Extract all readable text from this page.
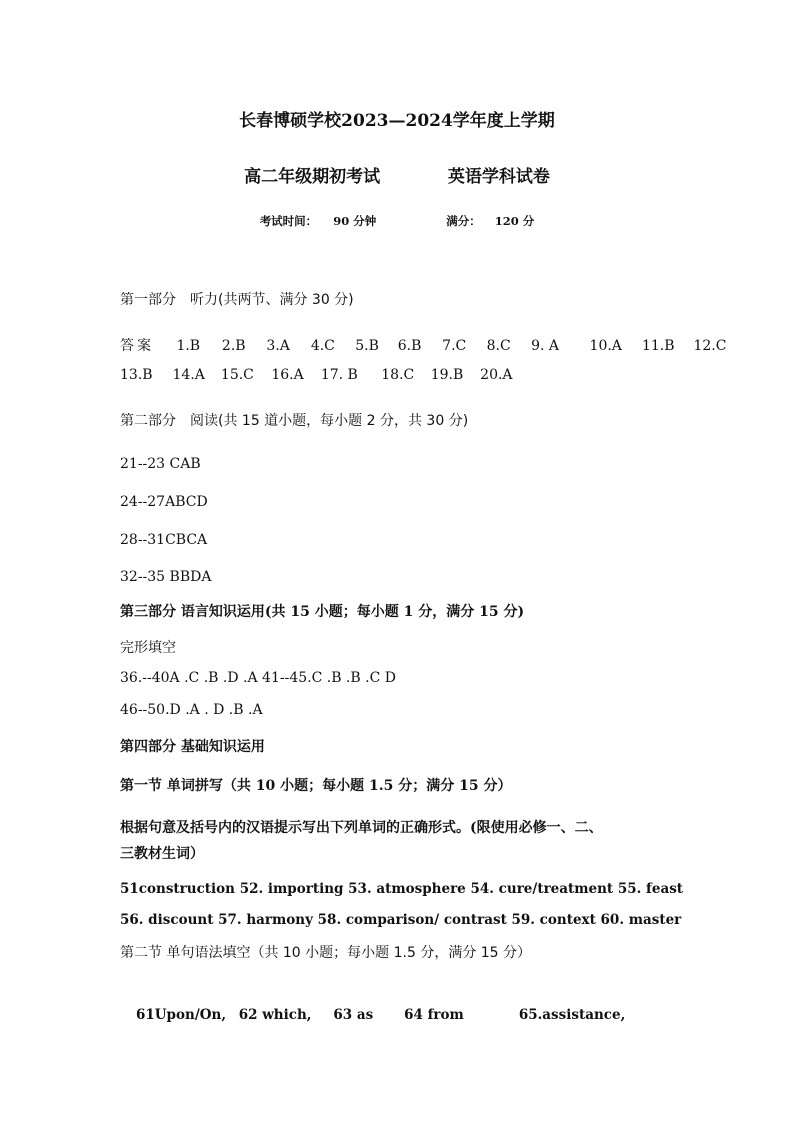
长春博硕学校2023—2024学年度上学期
高二年级期初考试	英语学科试卷
考试时间： 90 分钟	满分： 120 分
第一部分　听力(共两节、满分 30 分)
答案 1.B 2.B 3.A 4.C 5.B 6.B 7.C 8.C 9. A 10.A 11.B 12.C
13.B 14.A 15.C 16.A 17. B 18.C 19.B 20.A
第二部分　阅读(共 15 道小题，每小题 2 分，共 30 分)
21--23 CAB
24--27ABCD
28--31CBCA
32--35 BBDA
第三部分 语言知识运用(共 15 小题；每小题 1 分，满分 15 分)
完形填空
36.--40A .C .B .D .A 41--45.C .B .B .C D
46--50.D .A . D .B .A
第四部分 基础知识运用
第一节 单词拼写（共 10 小题；每小题 1.5 分；满分 15 分）
根据句意及括号内的汉语提示写出下列单词的正确形式。(限使用必修一、二、
三教材生词）
51construction 52. importing 53. atmosphere 54. cure/treatment 55. feast
56. discount 57. harmony 58. comparison/ contrast 59. context 60. master
第二节 单句语法填空（共 10 小题；每小题 1.5 分，满分 15 分）
61Upon/On, 62 which, 63 as 64 from	65.assistance,
